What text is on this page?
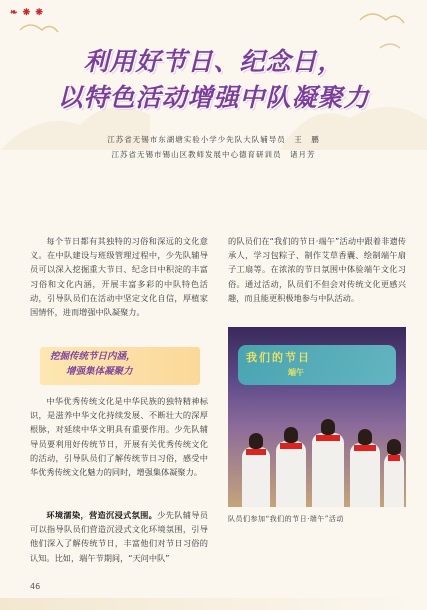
❧ ❋ ❋
利用好节日、纪念日，
以特色活动增强中队凝聚力
江苏省无锡市东湖塘实验小学少先队大队辅导员　王　鹏
江苏省无锡市锡山区教师发展中心德育研训员　诸月芳

每个节日都有其独特的习俗和深远的文化意义。在中队建设与班级管理过程中，少先队辅导员可以深入挖掘重大节日、纪念日中积淀的丰富习俗和文化内涵，开展丰富多彩的中队特色活动，引导队员们在活动中坚定文化自信，厚植家国情怀，进而增强中队凝聚力。

挖掘传统节日内涵，
增强集体凝聚力

中华优秀传统文化是中华民族的独特精神标识，是滋养中华文化持续发展、不断壮大的深厚根脉，对延续中华文明具有重要作用。少先队辅导员要利用好传统节日，开展有关优秀传统文化的活动，引导队员们了解传统节日习俗，感受中华优秀传统文化魅力的同时，增强集体凝聚力。

环境濡染，营造沉浸式氛围。少先队辅导员可以指导队员们营造沉浸式文化环境氛围，引导他们深入了解传统节日，丰富他们对节日习俗的认知。比如，端午节期间，“天问中队”

的队员们在“我们的节日·端午”活动中跟着非遗传承人，学习包粽子、制作艾草香囊、绘制端午扇子工扇等。在浓浓的节日氛围中体验端午文化习俗。通过活动，队员们不但会对传统文化更感兴趣，而且能更积极地参与中队活动。

我们的节日
端午
队员们参加“我们的节日·端午”活动
46
